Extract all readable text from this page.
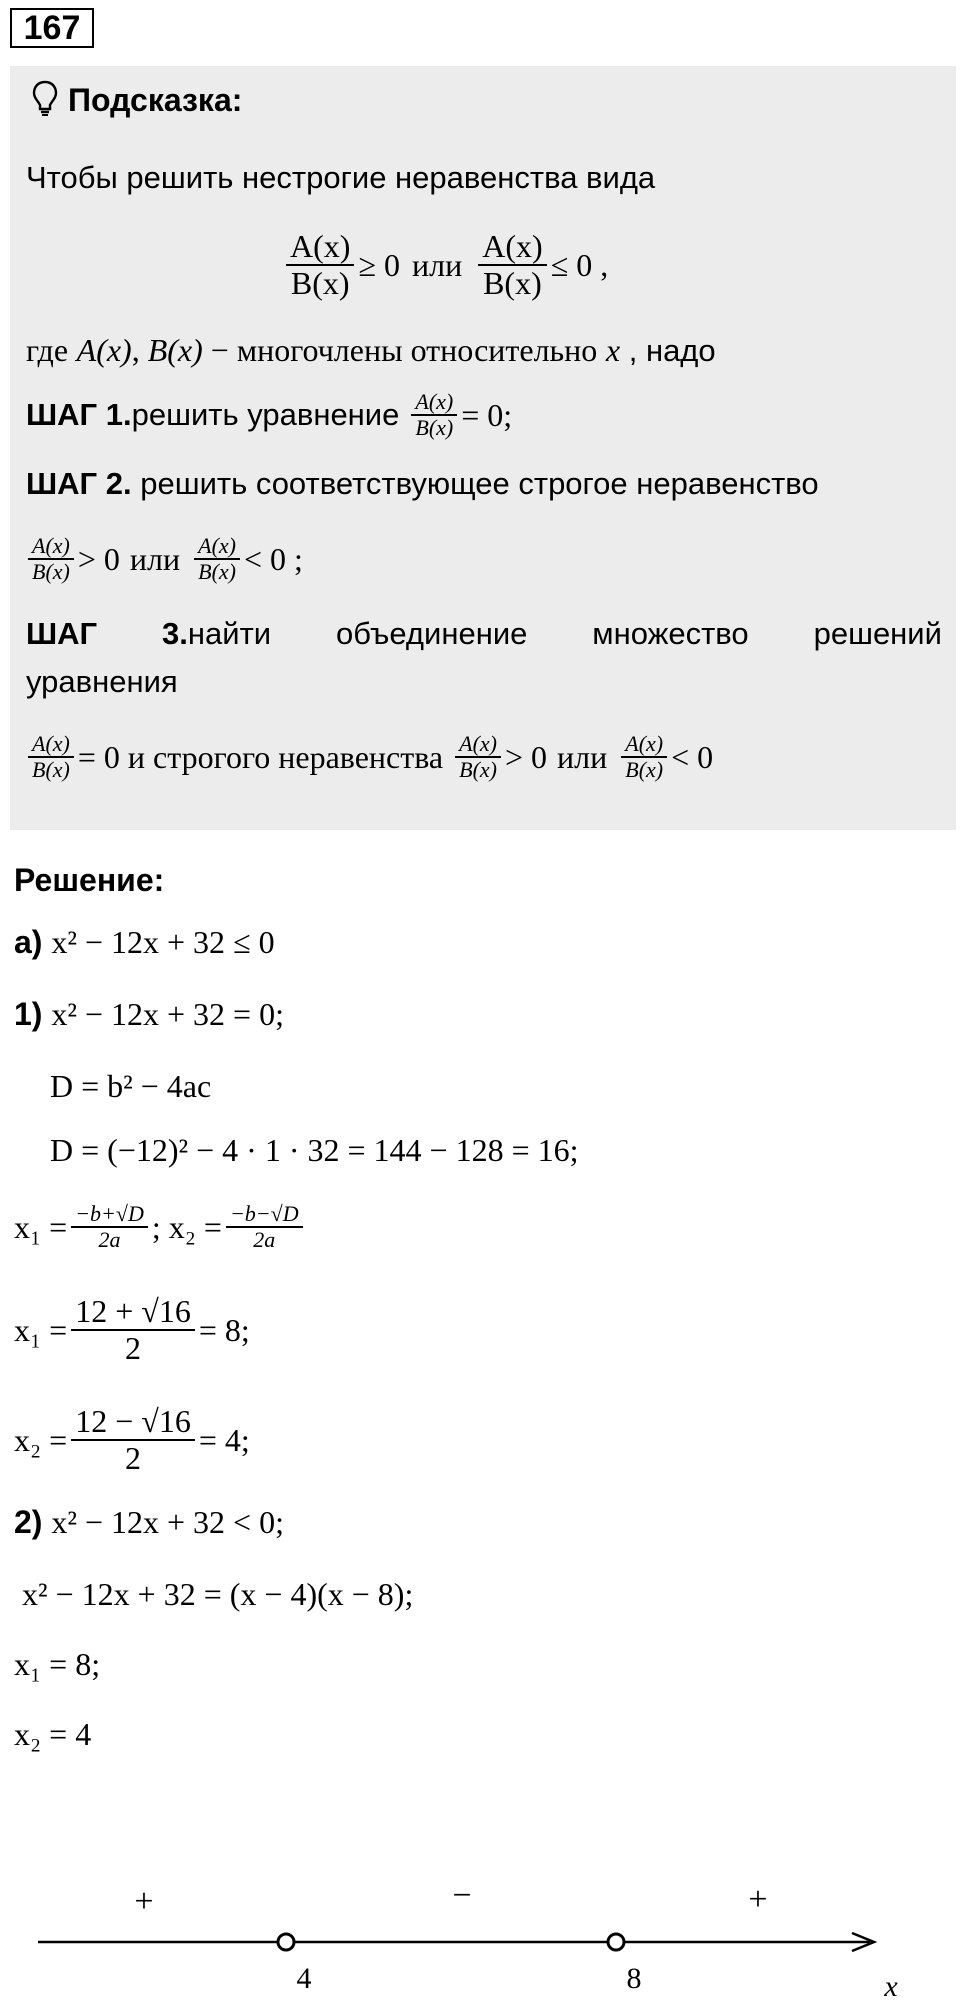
167
Подсказка:
Чтобы решить нестрогие неравенства вида
$\frac{A(x)}{B(x)} \ge 0$ или $\frac{A(x)}{B(x)} \le 0$ ,
где A(x), B(x) − многочлены относительно x , надо
ШАГ 1. решить уравнение $\frac{A(x)}{B(x)} = 0$;
ШАГ 2. решить соответствующее строгое неравенство
$\frac{A(x)}{B(x)} > 0$ или $\frac{A(x)}{B(x)} < 0$ ;
ШАГ 3.найти объединение множество решений
уравнения
$\frac{A(x)}{B(x)} = 0$ и строгого неравенства $\frac{A(x)}{B(x)} > 0$ или $\frac{A(x)}{B(x)} < 0$
Решение:
а) x² − 12x + 32 ≤ 0
1) x² − 12x + 32 = 0;
D = b² − 4ac
D = (−12)² − 4 · 1 · 32 = 144 − 128 = 16;
$x_1 = \frac{-b+√D}{2a}$ ; $x_2 = \frac{-b-√D}{2a}$
$x_1 = \frac{12 + √16}{2} = 8$;
$x_2 = \frac{12 - √16}{2} = 4$;
2) x² − 12x + 32 < 0;
x² − 12x + 32 = (x − 4)(x − 8);
x₁ = 8;
x₂ = 4
x
4	8
+	−	+
